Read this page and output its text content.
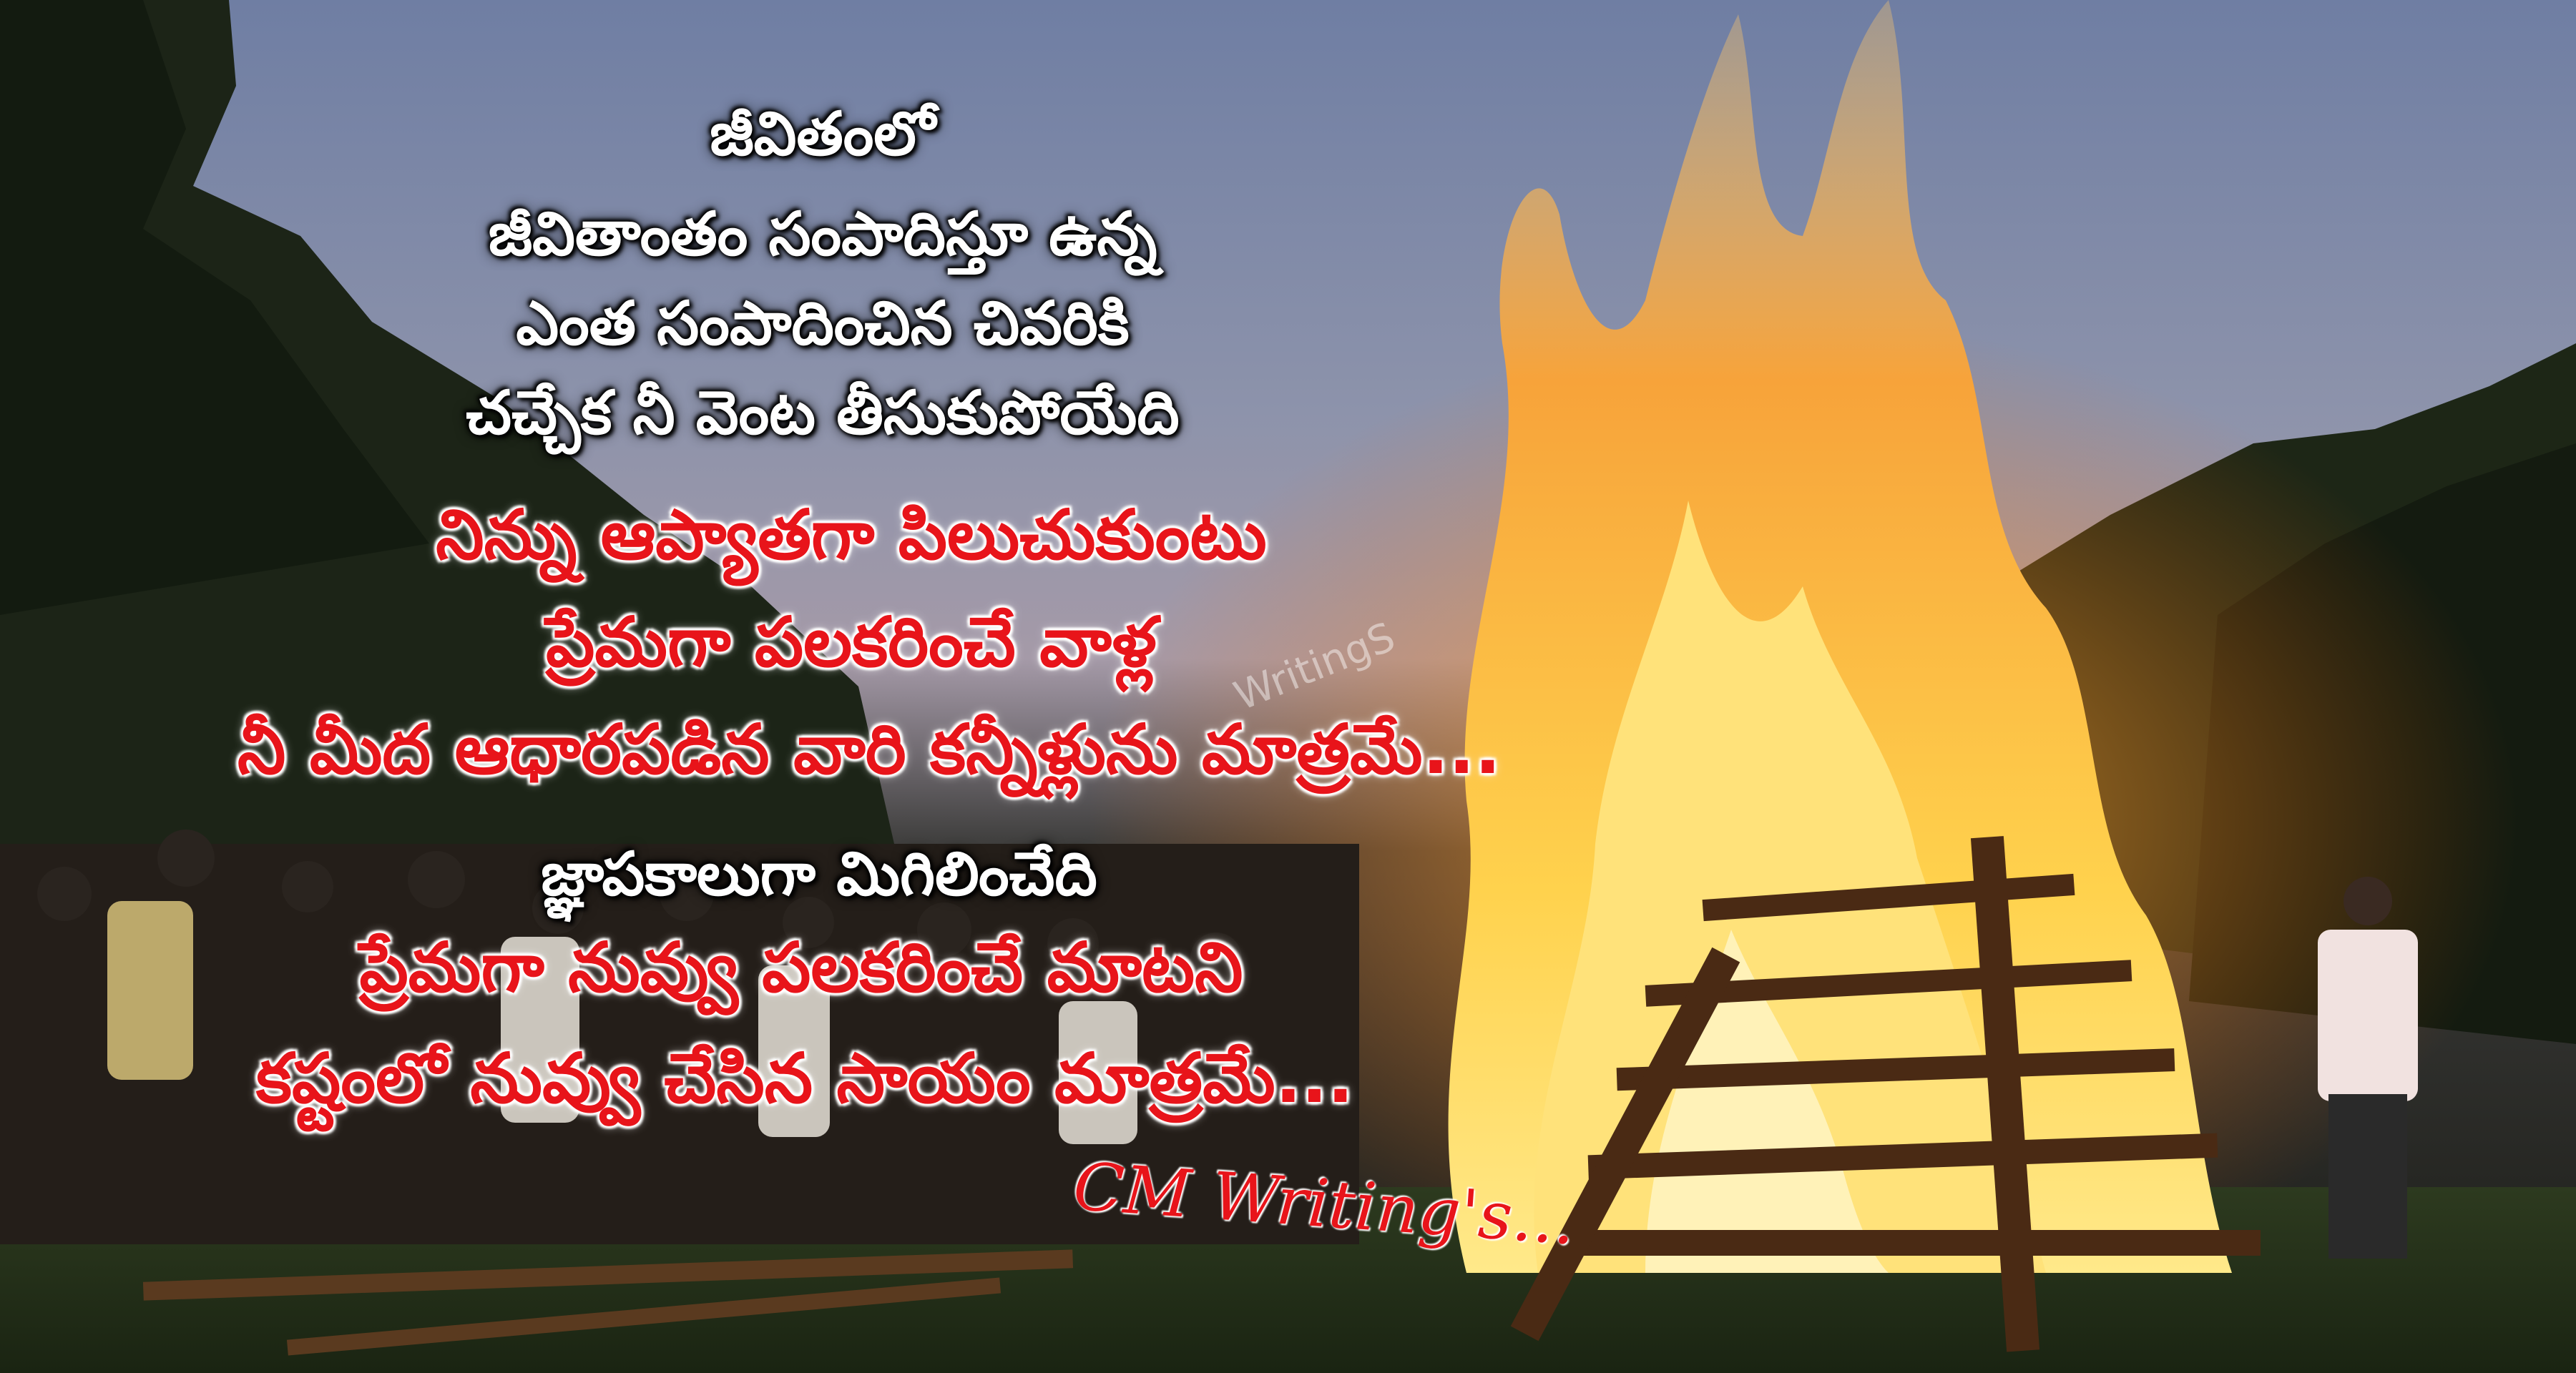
జీవితంలో
జీవితాంతం సంపాదిస్తూ ఉన్న
ఎంత సంపాదించిన చివరికి
చచ్చేక నీ వెంట తీసుకుపోయేది
నిన్ను ఆప్యాతగా పిలుచుకుంటు
ప్రేమగా పలకరించే వాళ్ల
నీ మీద ఆధారపడిన వారి కన్నీళ్లును మాత్రమే...
జ్ఞాపకాలుగా మిగిలించేది
ప్రేమగా నువ్వు పలకరించే మాటని
కష్టంలో నువ్వు చేసిన సాయం మాత్రమే...
WritingS
CM Writing's...
